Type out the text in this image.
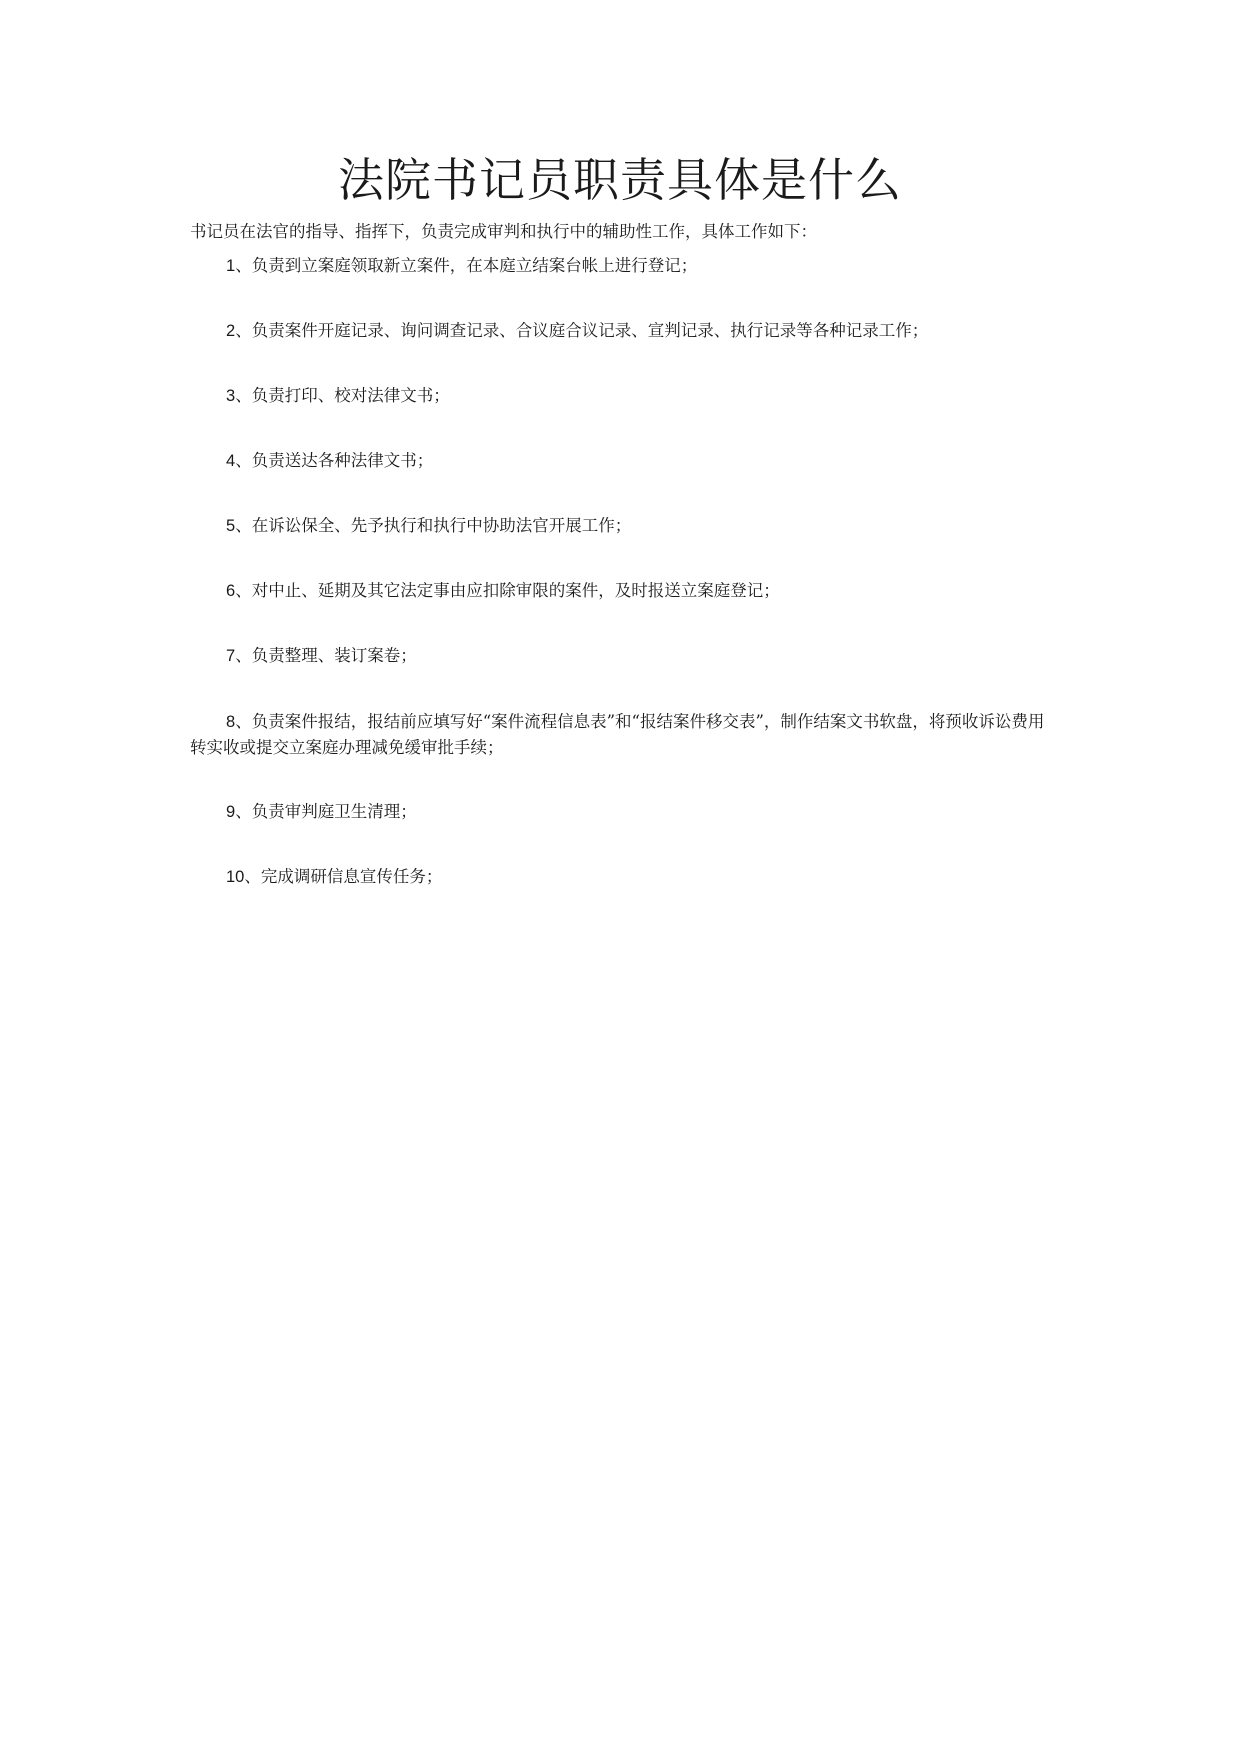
法院书记员职责具体是什么

书记员在法官的指导、指挥下，负责完成审判和执行中的辅助性工作，具体工作如下：

1、负责到立案庭领取新立案件，在本庭立结案台帐上进行登记；

2、负责案件开庭记录、询问调查记录、合议庭合议记录、宣判记录、执行记录等各种记录工作；

3、负责打印、校对法律文书；

4、负责送达各种法律文书；

5、在诉讼保全、先予执行和执行中协助法官开展工作；

6、对中止、延期及其它法定事由应扣除审限的案件，及时报送立案庭登记；

7、负责整理、装订案卷；

8、负责案件报结，报结前应填写好“案件流程信息表”和“报结案件移交表”，制作结案文书软盘，将预收诉讼费用转实收或提交立案庭办理减免缓审批手续；

9、负责审判庭卫生清理；

10、完成调研信息宣传任务；
